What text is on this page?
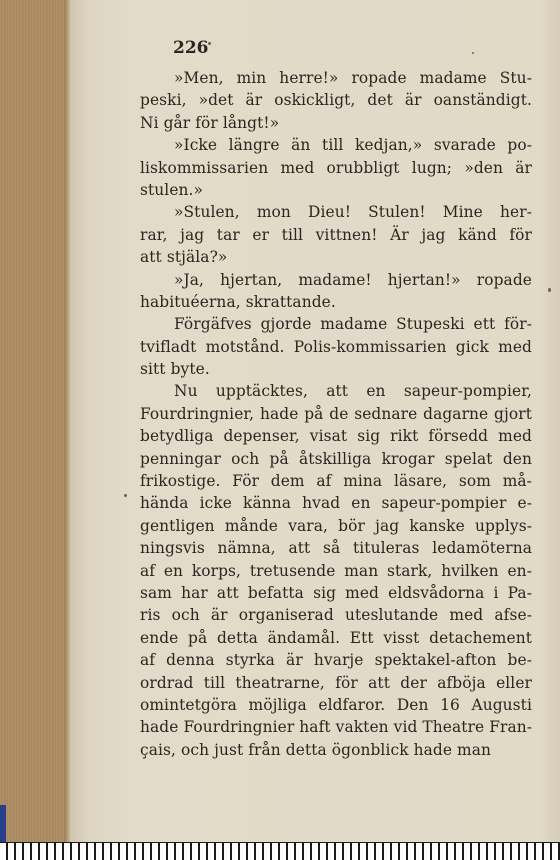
226

»Men, min herre!» ropade madame Stu-
peski, »det är oskickligt, det är oanständigt.
Ni går för långt!»
»Icke längre än till kedjan,» svarade po-
liskommissarien med orubbligt lugn; »den är
stulen.»
»Stulen, mon Dieu! Stulen! Mine her-
rar, jag tar er till vittnen! Är jag känd för
att stjäla?»
»Ja, hjertan, madame! hjertan!» ropade
habituéerna, skrattande.
Förgäfves gjorde madame Stupeski ett för-
tvifladt motstånd. Polis-kommissarien gick med
sitt byte.
Nu upptäcktes, att en sapeur-pompier,
Fourdringnier, hade på de sednare dagarne gjort
betydliga depenser, visat sig rikt försedd med
penningar och på åtskilliga krogar spelat den
frikostige. För dem af mina läsare, som må-
hända icke känna hvad en sapeur-pompier e-
gentligen månde vara, bör jag kanske upplys-
ningsvis nämna, att så tituleras ledamöterna
af en korps, tretusende man stark, hvilken en-
sam har att befatta sig med eldsvådorna i Pa-
ris och är organiserad uteslutande med afse-
ende på detta ändamål. Ett visst detachement
af denna styrka är hvarje spektakel-afton be-
ordrad till theatrarne, för att der afböja eller
omintetgöra möjliga eldfaror. Den 16 Augusti
hade Fourdringnier haft vakten vid Theatre Fran-
çais, och just från detta ögonblick hade man
